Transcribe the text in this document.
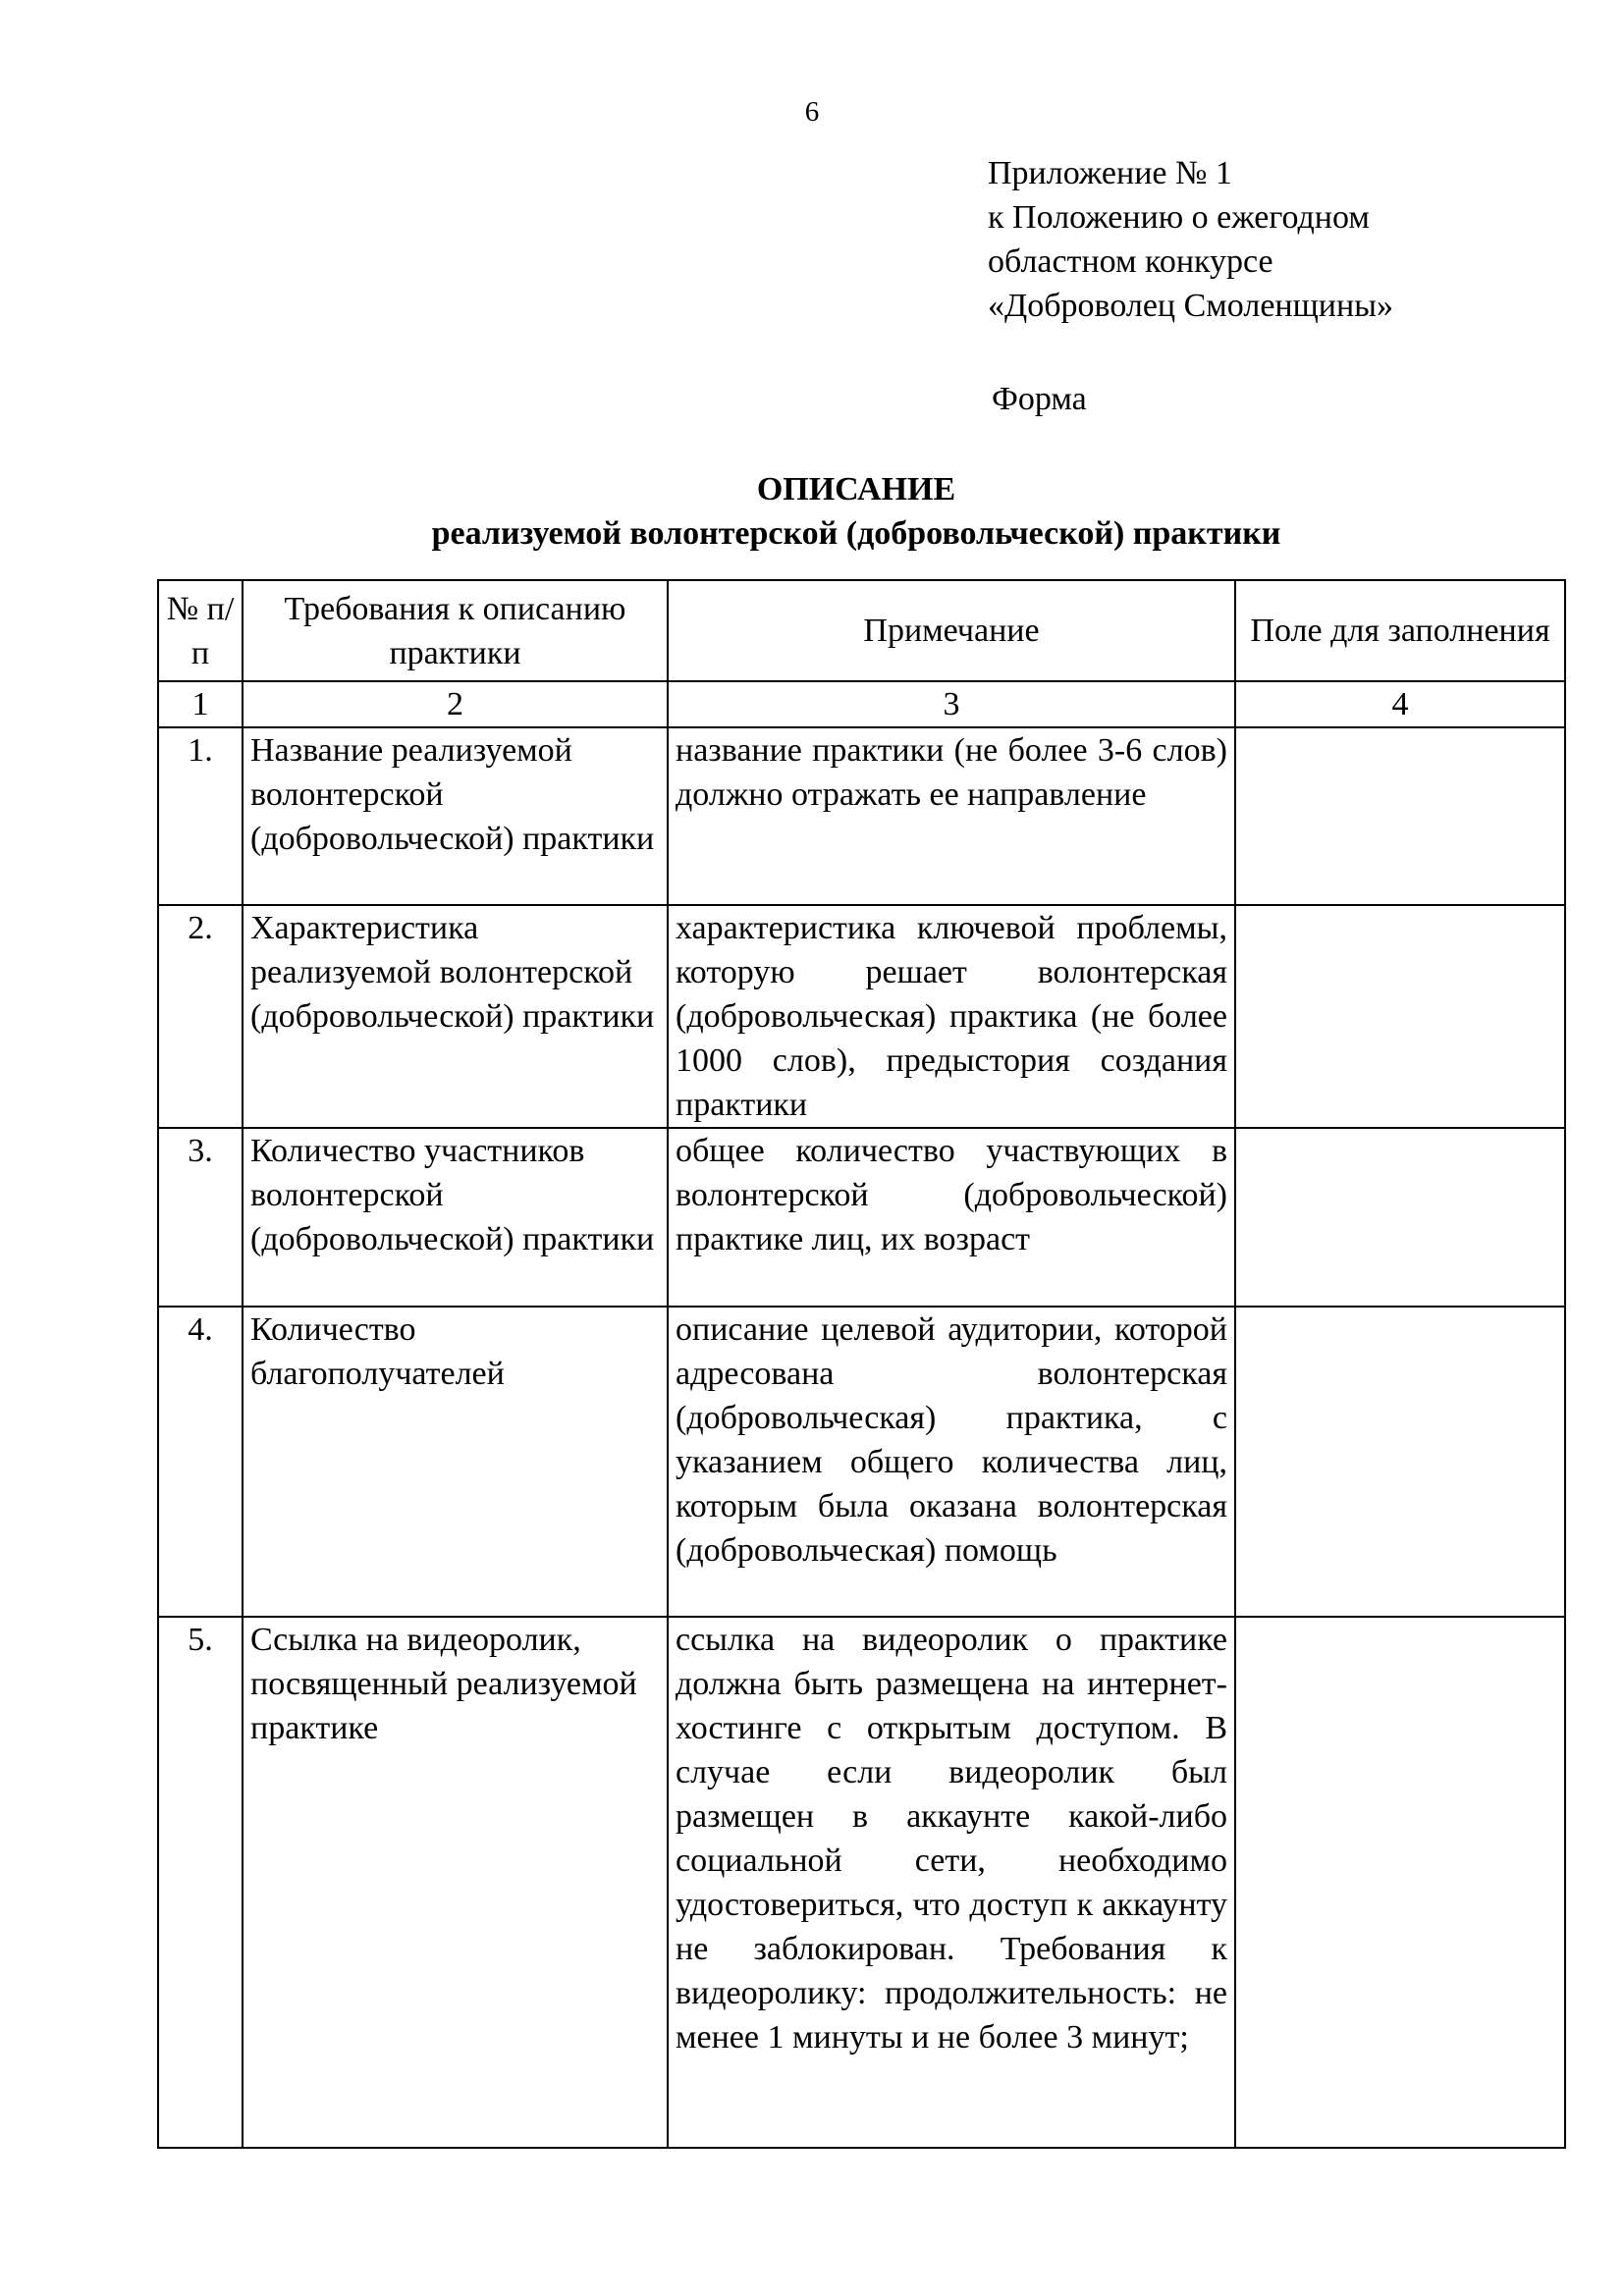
6
Приложение № 1
к Положению о ежегодном
областном конкурсе
«Доброволец Смоленщины»
Форма
ОПИСАНИЕ
реализуемой волонтерской (добровольческой) практики
№ п/п	Требования к описанию практики	Примечание	Поле для заполнения
1	2	3	4
1.	Название реализуемой волонтерской (добровольческой) практики	название практики (не более 3-6 слов) должно отражать ее направление	
2.	Характеристика реализуемой волонтерской (добровольческой) практики	характеристика ключевой проблемы, которую решает волонтерская (добровольческая) практика (не более 1000 слов), предыстория создания практики	
3.	Количество участников волонтерской (добровольческой) практики	общее количество участвующих в волонтерской (добровольческой) практике лиц, их возраст	
4.	Количество благополучателей	описание целевой аудитории, которой адресована волонтерская (добровольческая) практика, с указанием общего количества лиц, которым была оказана волонтерская (добровольческая) помощь	
5.	Ссылка на видеоролик, посвященный реализуемой практике	ссылка на видеоролик о практике должна быть размещена на интернет-хостинге с открытым доступом. В случае если видеоролик был размещен в аккаунте какой-либо социальной сети, необходимо удостовериться, что доступ к аккаунту не заблокирован. Требования к видеоролику: продолжительность: не менее 1 минуты и не более 3 минут;	
